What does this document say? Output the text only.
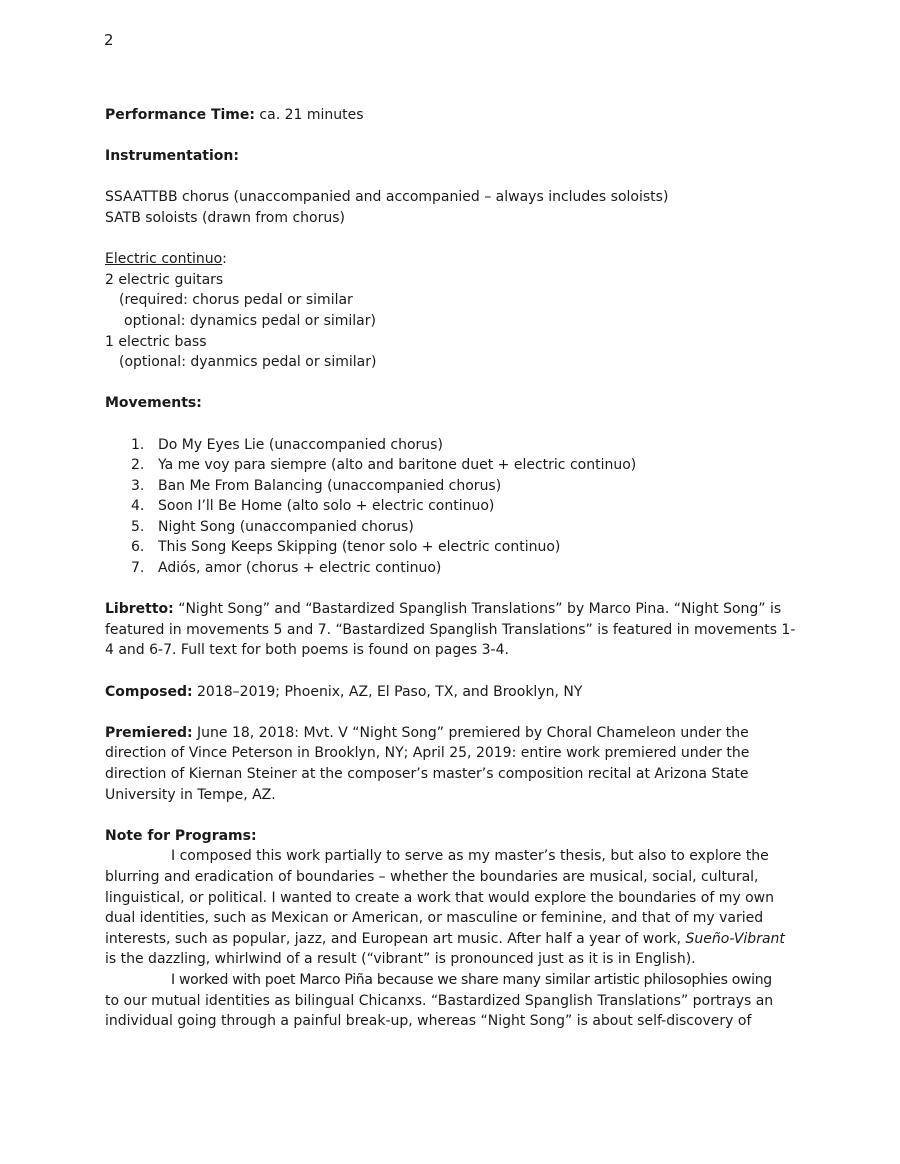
2
Performance Time: ca. 21 minutes
Instrumentation:
SSAATTBB chorus (unaccompanied and accompanied – always includes soloists)
SATB soloists (drawn from chorus)
Electric continuo:
2 electric guitars
(required: chorus pedal or similar
optional: dynamics pedal or similar)
1 electric bass
(optional: dyanmics pedal or similar)
Movements:
1. Do My Eyes Lie (unaccompanied chorus)
2. Ya me voy para siempre (alto and baritone duet + electric continuo)
3. Ban Me From Balancing (unaccompanied chorus)
4. Soon I’ll Be Home (alto solo + electric continuo)
5. Night Song (unaccompanied chorus)
6. This Song Keeps Skipping (tenor solo + electric continuo)
7. Adiós, amor (chorus + electric continuo)
Libretto: “Night Song” and “Bastardized Spanglish Translations” by Marco Pina. “Night Song” is
featured in movements 5 and 7. “Bastardized Spanglish Translations” is featured in movements 1-
4 and 6-7. Full text for both poems is found on pages 3-4.
Composed: 2018–2019; Phoenix, AZ, El Paso, TX, and Brooklyn, NY
Premiered: June 18, 2018: Mvt. V “Night Song” premiered by Choral Chameleon under the
direction of Vince Peterson in Brooklyn, NY; April 25, 2019: entire work premiered under the
direction of Kiernan Steiner at the composer’s master’s composition recital at Arizona State
University in Tempe, AZ.
Note for Programs:
I composed this work partially to serve as my master’s thesis, but also to explore the
blurring and eradication of boundaries – whether the boundaries are musical, social, cultural,
linguistical, or political. I wanted to create a work that would explore the boundaries of my own
dual identities, such as Mexican or American, or masculine or feminine, and that of my varied
interests, such as popular, jazz, and European art music. After half a year of work, Sueño-Vibrant
is the dazzling, whirlwind of a result (“vibrant” is pronounced just as it is in English).
I worked with poet Marco Piña because we share many similar artistic philosophies owing
to our mutual identities as bilingual Chicanxs. “Bastardized Spanglish Translations” portrays an
individual going through a painful break-up, whereas “Night Song” is about self-discovery of
